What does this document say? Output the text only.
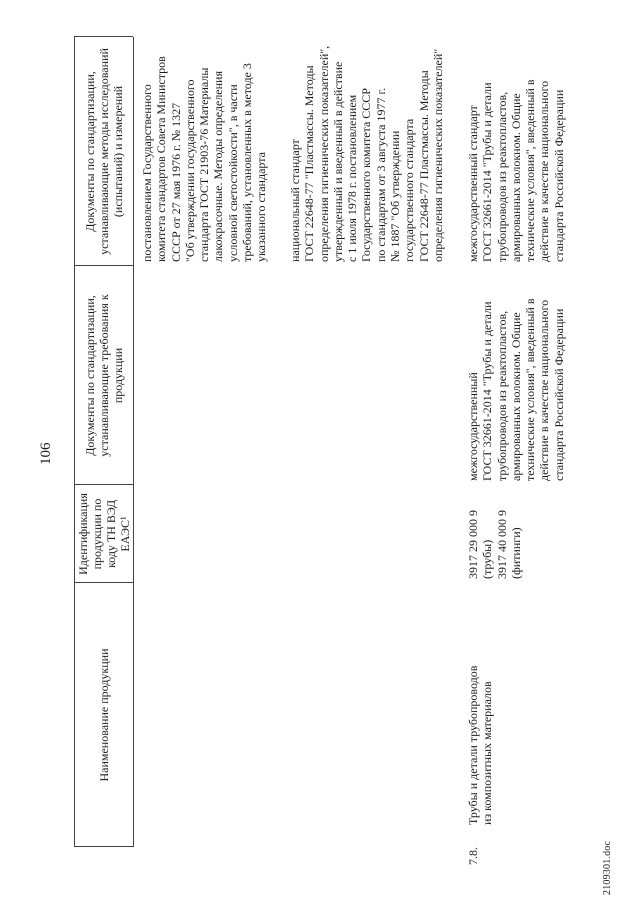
106
2109301.doc
Наименование продукции
Идентификация продукции по коду ТН ВЭД ЕАЭС¹
Документы по стандартизации, устанавливающие требования к продукции
Документы по стандартизации, устанавливающие методы исследований (испытаний) и измерений
постановлением Государственного
комитета стандартов Совета Министров
СССР от 27 мая 1976 г. № 1327
"Об утверждении государственного
стандарта ГОСТ 21903-76 Материалы
лакокрасочные. Методы определения
условной светостойкости", в части
требований, установленных в методе 3
указанного стандарта
национальный стандарт
ГОСТ 22648-77 "Пластмассы. Методы
определения гигиенических показателей",
утвержденный и введенный в действие
с 1 июля 1978 г. постановлением
Государственного комитета СССР
по стандартам от 3 августа 1977 г.
№ 1887 "Об утверждении
государственного стандарта
ГОСТ 22648-77 Пластмассы. Методы
определения гигиенических показателей"
7.8.
Трубы и детали трубопроводов
из композитных материалов
3917 29 000 9
(трубы)
3917 40 000 9
(фитинги)
межгосударственный
ГОСТ 32661-2014 "Трубы и детали
трубопроводов из реактопластов,
армированных волокном. Общие
технические условия", введенный в
действие в качестве национального
стандарта Российской Федерации
межгосударственный стандарт
ГОСТ 32661-2014 "Трубы и детали
трубопроводов из реактопластов,
армированных волокном. Общие
технические условия", введенный в
действие в качестве национального
стандарта Российской Федерации
